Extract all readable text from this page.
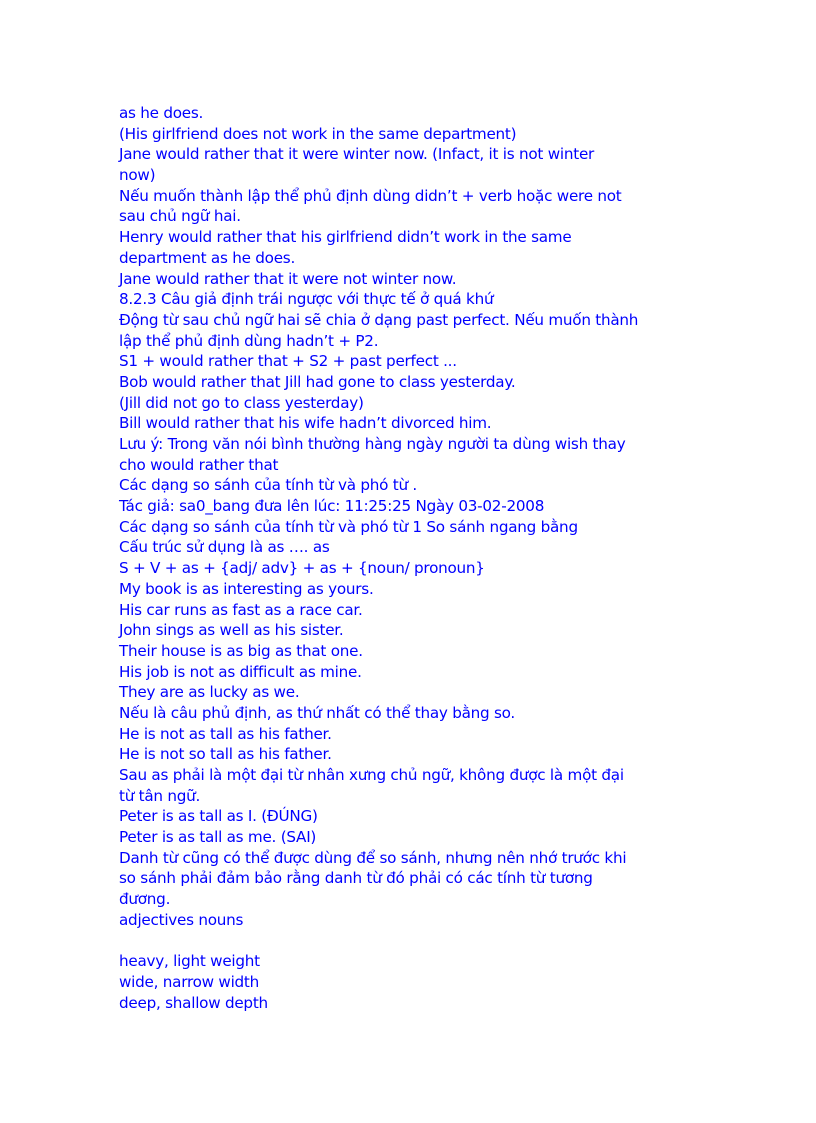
as he does.
(His girlfriend does not work in the same department)
Jane would rather that it were winter now. (Infact, it is not winter
now)
Nếu muốn thành lập thể phủ định dùng didn’t + verb hoặc were not
sau chủ ngữ hai.
Henry would rather that his girlfriend didn’t work in the same
department as he does.
Jane would rather that it were not winter now.
8.2.3 Câu giả định trái ngược với thực tế ở quá khứ
Động từ sau chủ ngữ hai sẽ chia ở dạng past perfect. Nếu muốn thành
lập thể phủ định dùng hadn’t + P2.
S1 + would rather that + S2 + past perfect ...
Bob would rather that Jill had gone to class yesterday.
(Jill did not go to class yesterday)
Bill would rather that his wife hadn’t divorced him.
Lưu ý: Trong văn nói bình thường hàng ngày người ta dùng wish thay
cho would rather that
Các dạng so sánh của tính từ và phó từ .
Tác giả: sa0_bang đưa lên lúc: 11:25:25 Ngày 03-02-2008
Các dạng so sánh của tính từ và phó từ 1 So sánh ngang bằng
Cấu trúc sử dụng là as …. as
S + V + as + {adj/ adv} + as + {noun/ pronoun}
My book is as interesting as yours.
His car runs as fast as a race car.
John sings as well as his sister.
Their house is as big as that one.
His job is not as difficult as mine.
They are as lucky as we.
Nếu là câu phủ định, as thứ nhất có thể thay bằng so.
He is not as tall as his father.
He is not so tall as his father.
Sau as phải là một đại từ nhân xưng chủ ngữ, không được là một đại
từ tân ngữ.
Peter is as tall as I. (ĐÚNG)
Peter is as tall as me. (SAI)
Danh từ cũng có thể được dùng để so sánh, nhưng nên nhớ trước khi
so sánh phải đảm bảo rằng danh từ đó phải có các tính từ tương
đương.
adjectives nouns
heavy, light weight
wide, narrow width
deep, shallow depth
